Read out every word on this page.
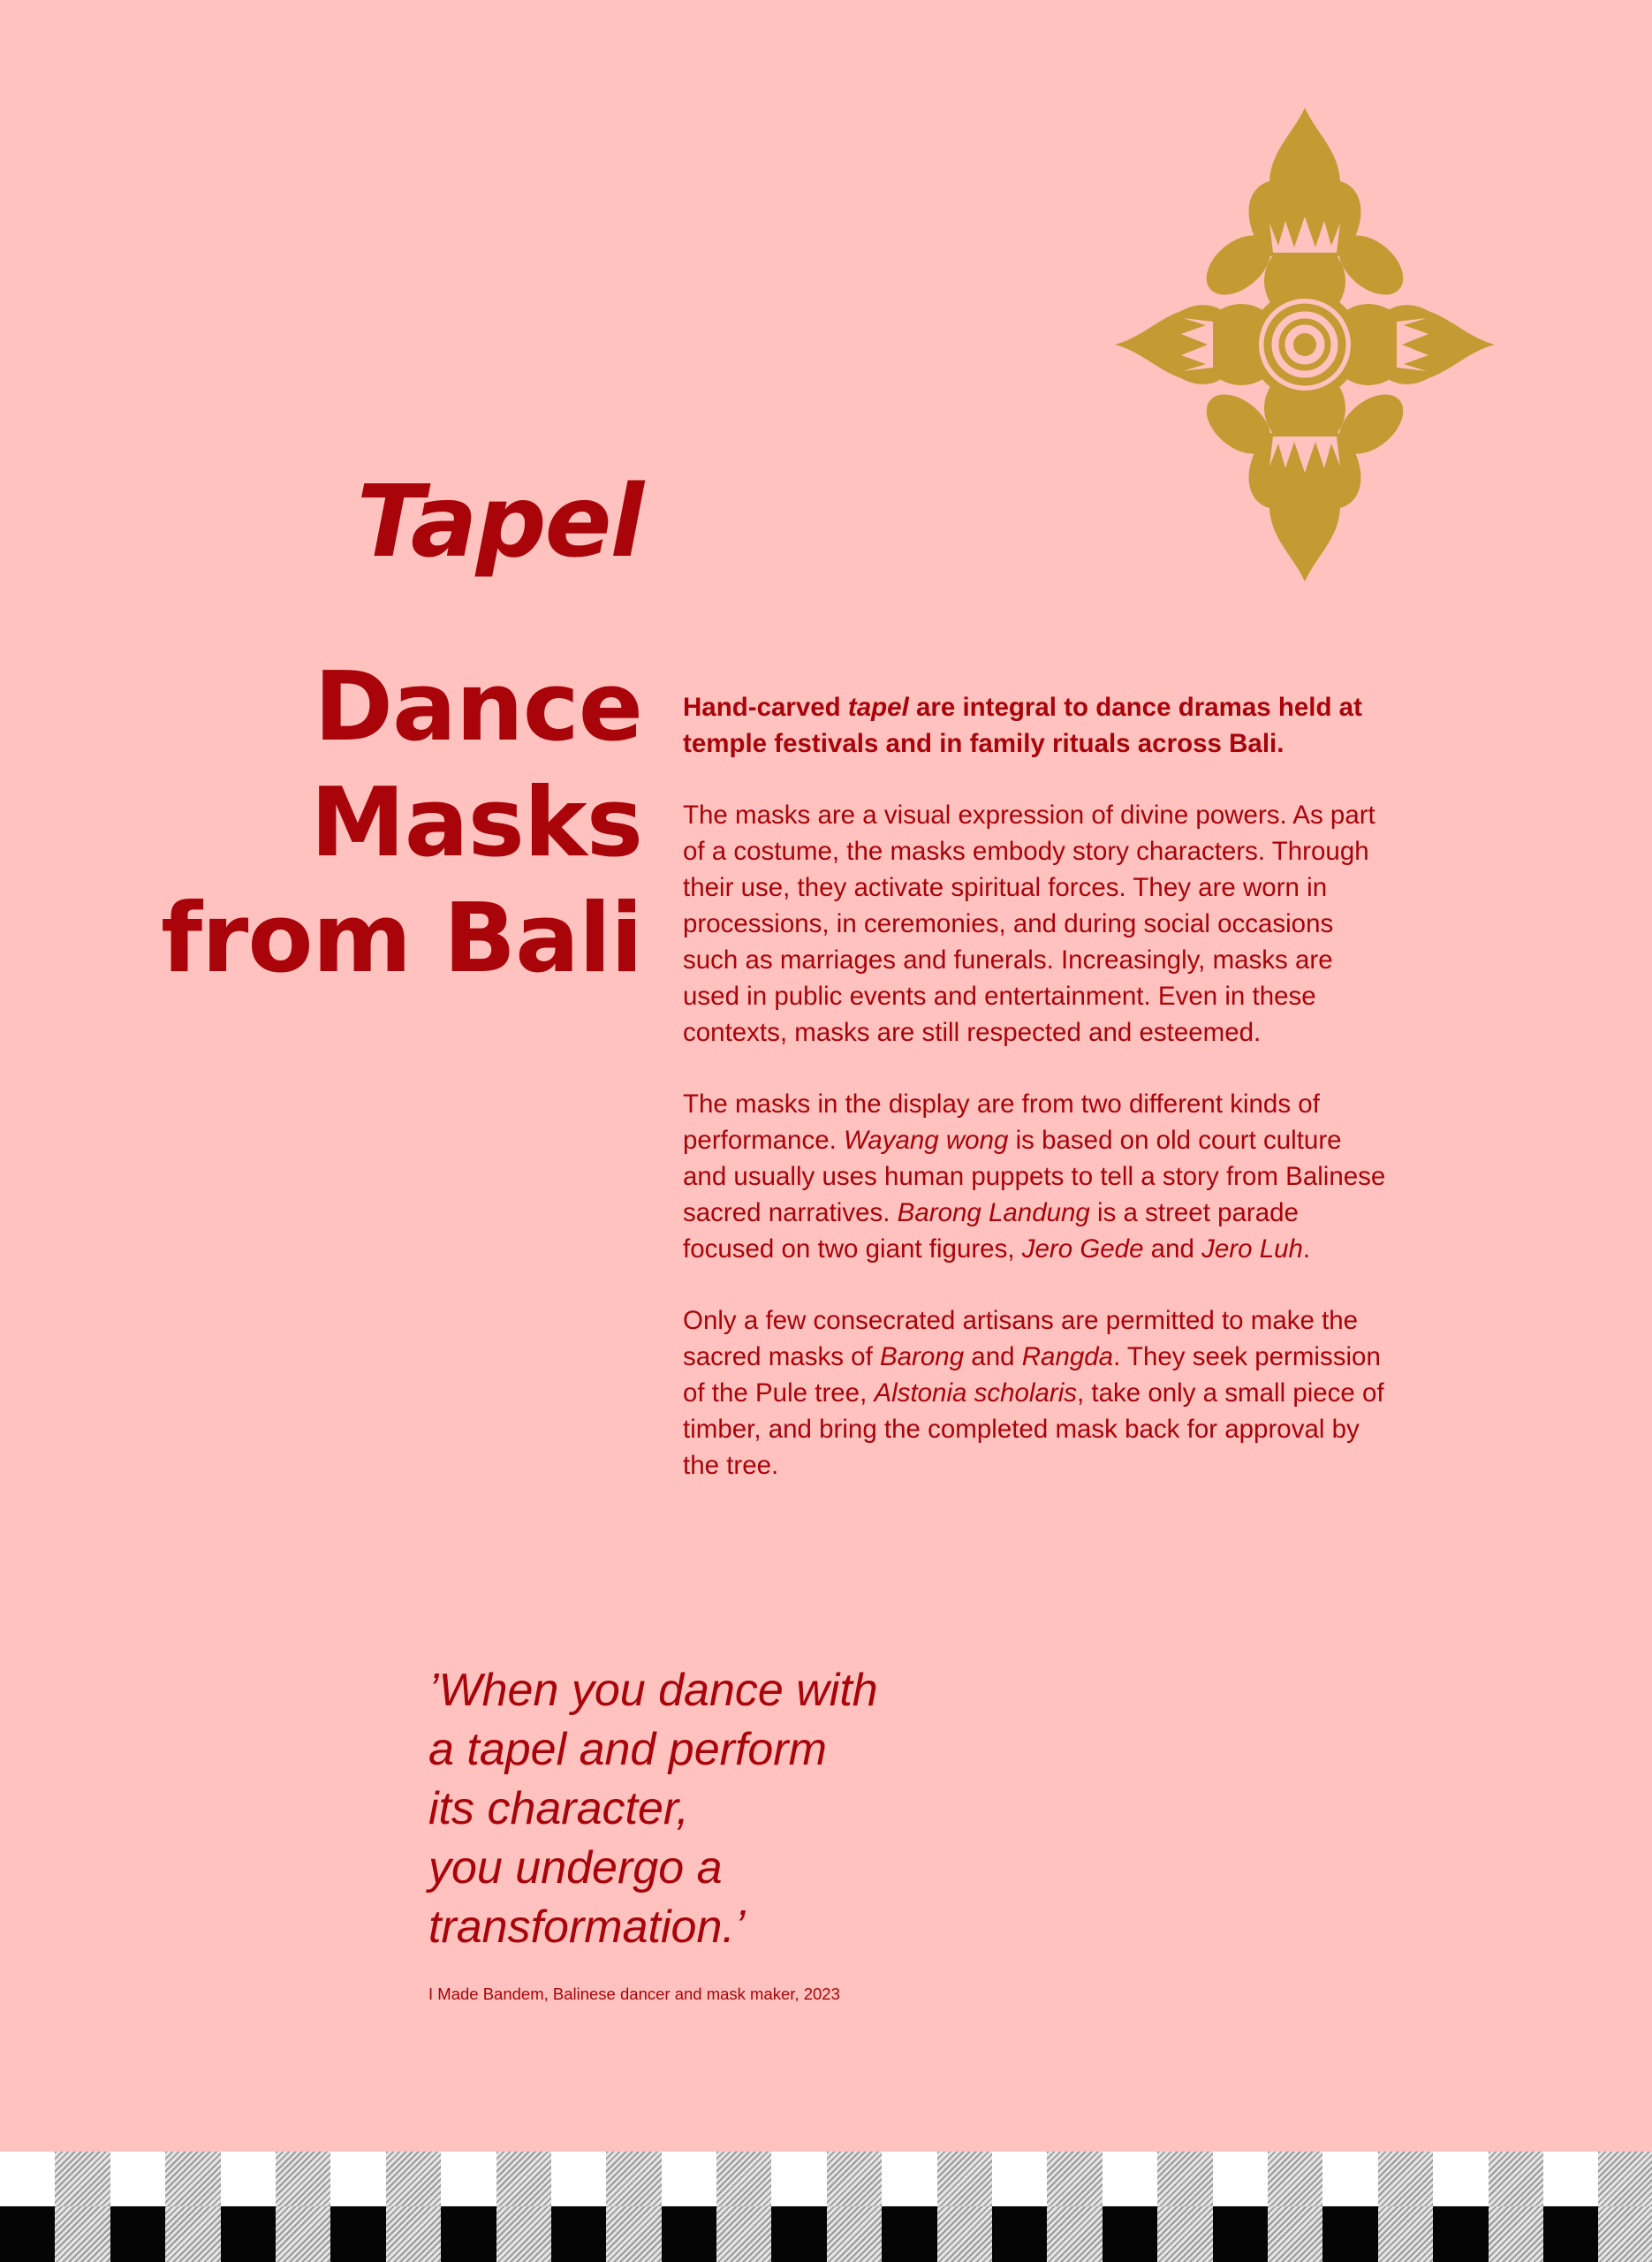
Tapel
Dance
Masks
from Bali

Hand-carved tapel are integral to dance dramas held at temple festivals and in family rituals across Bali.

The masks are a visual expression of divine powers. As part of a costume, the masks embody story characters. Through their use, they activate spiritual forces. They are worn in processions, in ceremonies, and during social occasions such as marriages and funerals. Increasingly, masks are used in public events and entertainment. Even in these contexts, masks are still respected and esteemed.

The masks in the display are from two different kinds of performance. Wayang wong is based on old court culture and usually uses human puppets to tell a story from Balinese sacred narratives. Barong Landung is a street parade focused on two giant figures, Jero Gede and Jero Luh.

Only a few consecrated artisans are permitted to make the sacred masks of Barong and Rangda. They seek permission of the Pule tree, Alstonia scholaris, take only a small piece of timber, and bring the completed mask back for approval by the tree.

’When you dance with
a tapel and perform
its character,
you undergo a
transformation.’
I Made Bandem, Balinese dancer and mask maker, 2023
